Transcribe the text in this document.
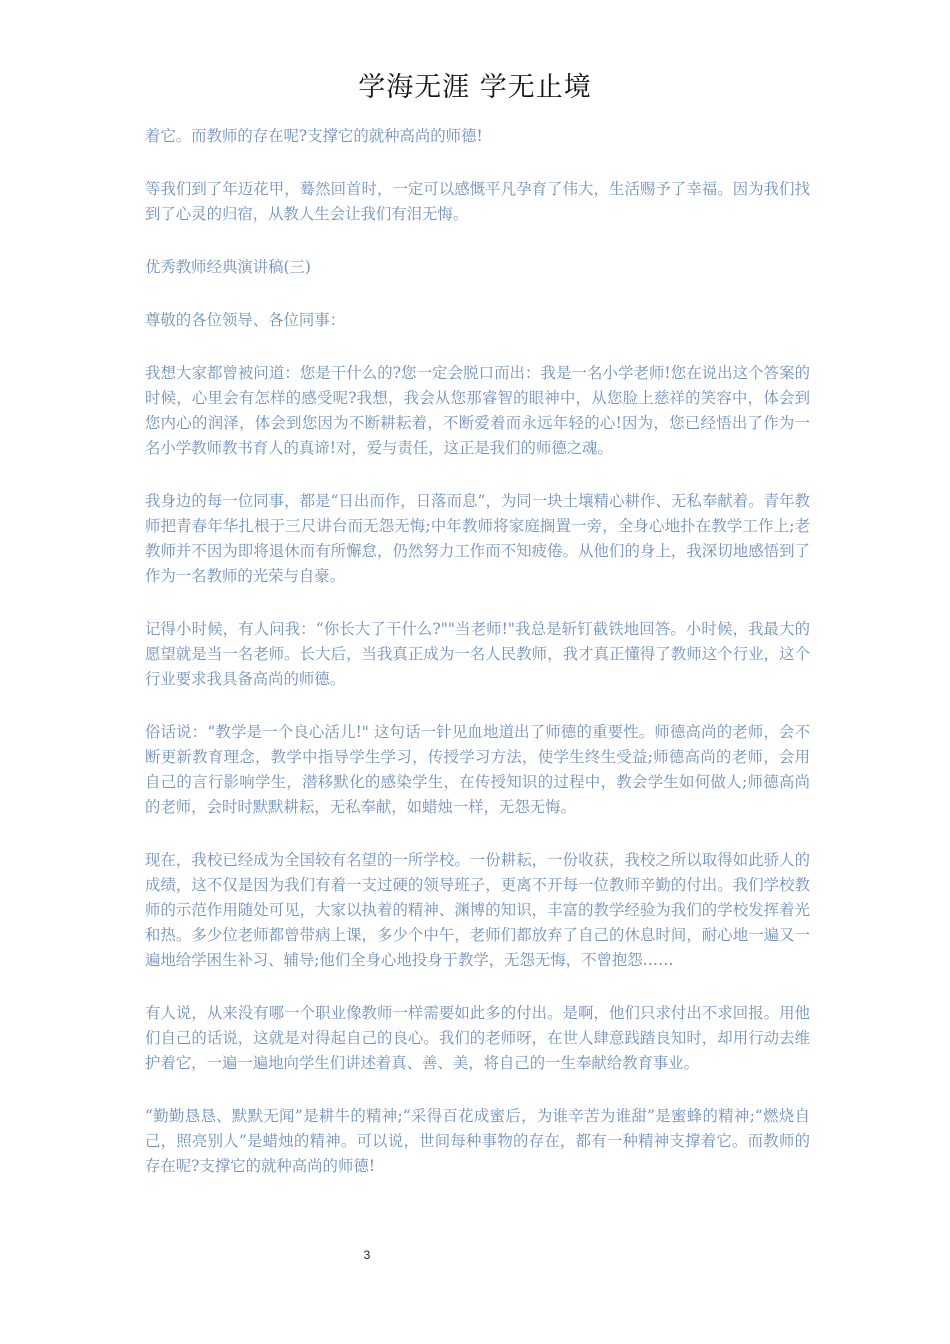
学海无涯 学无止境

着它。而教师的存在呢?支撑它的就种高尚的师德!

等我们到了年迈花甲，蓦然回首时，一定可以感慨平凡孕育了伟大，生活赐予了幸福。因为我们找到了心灵的归宿，从教人生会让我们有泪无悔。

优秀教师经典演讲稿(三)

尊敬的各位领导、各位同事：

我想大家都曾被问道：您是干什么的?您一定会脱口而出：我是一名小学老师!您在说出这个答案的时候，心里会有怎样的感受呢?我想，我会从您那睿智的眼神中，从您脸上慈祥的笑容中，体会到您内心的润泽，体会到您因为不断耕耘着，不断爱着而永远年轻的心!因为，您已经悟出了作为一名小学教师教书育人的真谛!对，爱与责任，这正是我们的师德之魂。

我身边的每一位同事，都是“日出而作，日落而息”，为同一块土壤精心耕作、无私奉献着。青年教师把青春年华扎根于三尺讲台而无怨无悔;中年教师将家庭搁置一旁，全身心地扑在教学工作上;老教师并不因为即将退休而有所懈怠，仍然努力工作而不知疲倦。从他们的身上，我深切地感悟到了作为一名教师的光荣与自豪。

记得小时候，有人问我：“你长大了干什么?""当老师!"我总是斩钉截铁地回答。小时候，我最大的愿望就是当一名老师。长大后，当我真正成为一名人民教师，我才真正懂得了教师这个行业，这个行业要求我具备高尚的师德。

俗话说：“教学是一个良心活儿!" 这句话一针见血地道出了师德的重要性。师德高尚的老师，会不断更新教育理念，教学中指导学生学习，传授学习方法，使学生终生受益;师德高尚的老师，会用自己的言行影响学生，潜移默化的感染学生，在传授知识的过程中，教会学生如何做人;师德高尚的老师，会时时默默耕耘，无私奉献，如蜡烛一样，无怨无悔。

现在，我校已经成为全国较有名望的一所学校。一份耕耘，一份收获，我校之所以取得如此骄人的成绩，这不仅是因为我们有着一支过硬的领导班子，更离不开每一位教师辛勤的付出。我们学校教师的示范作用随处可见，大家以执着的精神、渊博的知识，丰富的教学经验为我们的学校发挥着光和热。多少位老师都曾带病上课，多少个中午，老师们都放弃了自己的休息时间，耐心地一遍又一遍地给学困生补习、辅导;他们全身心地投身于教学，无怨无悔，不曾抱怨……

有人说，从来没有哪一个职业像教师一样需要如此多的付出。是啊，他们只求付出不求回报。用他们自己的话说，这就是对得起自己的良心。我们的老师呀，在世人肆意践踏良知时，却用行动去维护着它，一遍一遍地向学生们讲述着真、善、美，将自己的一生奉献给教育事业。

“勤勤恳恳、默默无闻”是耕牛的精神;“采得百花成蜜后，为谁辛苦为谁甜”是蜜蜂的精神;“燃烧自己，照亮别人”是蜡烛的精神。可以说，世间每种事物的存在，都有一种精神支撑着它。而教师的存在呢?支撑它的就种高尚的师德!

3
